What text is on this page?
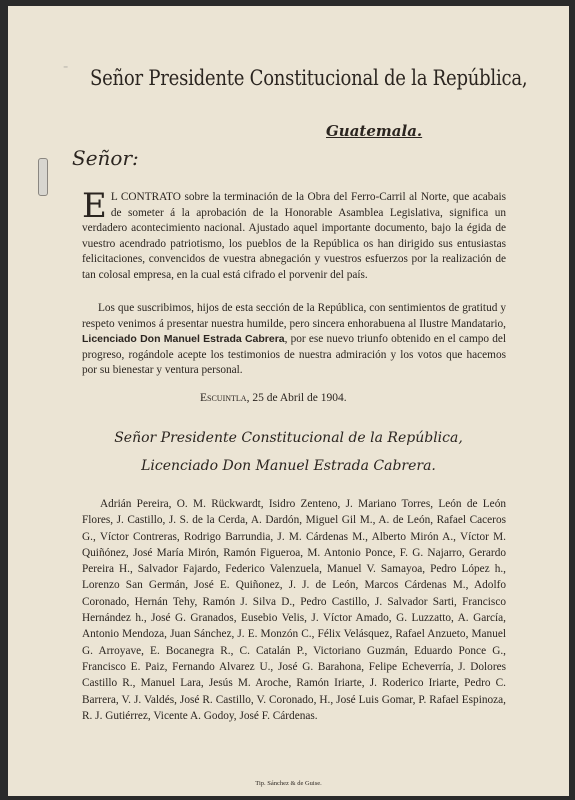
⁻ Señor Presidente Constitucional de la República,
Guatemala.
Señor:
E L CONTRATO sobre la terminación de la Obra del Ferro-Carril al Norte, que acabais de someter á la aprobación de la Honorable Asamblea Legislativa, significa un verdadero acontecimiento nacional. Ajustado aquel importante documento, bajo la égida de vuestro acendrado patriotismo, los pueblos de la República os han dirigido sus entusiastas felicitaciones, convencidos de vuestra abnegación y vuestros esfuerzos por la realización de tan colosal empresa, en la cual está cifrado el porvenir del país.
Los que suscribimos, hijos de esta sección de la República, con sentimientos de gratitud y respeto venimos á presentar nuestra humilde, pero sincera enhorabuena al Ilustre Mandatario, Licenciado Don Manuel Estrada Cabrera, por ese nuevo triunfo obtenido en el campo del progreso, rogándole acepte los testimonios de nuestra admiración y los votos que hacemos por su bienestar y ventura personal.
Escuintla, 25 de Abril de 1904.
Señor Presidente Constitucional de la República,
Licenciado Don Manuel Estrada Cabrera.
Adrián Pereira, O. M. Rückwardt, Isidro Zenteno, J. Mariano Torres, León de León Flores, J. Castillo, J. S. de la Cerda, A. Dardón, Miguel Gil M., A. de León, Rafael Caceros G., Víctor Contreras, Rodrigo Barrundia, J. M. Cárdenas M., Alberto Mirón A., Víctor M. Quiñónez, José María Mirón, Ramón Figueroa, M. Antonio Ponce, F. G. Najarro, Gerardo Pereira H., Salvador Fajardo, Federico Valenzuela, Manuel V. Samayoa, Pedro López h., Lorenzo San Germán, José E. Quiñonez, J. J. de León, Marcos Cárdenas M., Adolfo Coronado, Hernán Tehy, Ramón J. Silva D., Pedro Castillo, J. Salvador Sarti, Francisco Hernández h., José G. Granados, Eusebio Velis, J. Víctor Amado, G. Luzzatto, A. García, Antonio Mendoza, Juan Sánchez, J. E. Monzón C., Félix Velásquez, Rafael Anzueto, Manuel G. Arroyave, E. Bocanegra R., C. Catalán P., Victoriano Guzmán, Eduardo Ponce G., Francisco E. Paiz, Fernando Alvarez U., José G. Barahona, Felipe Echeverría, J. Dolores Castillo R., Manuel Lara, Jesús M. Aroche, Ramón Iriarte, J. Roderico Iriarte, Pedro C. Barrera, V. J. Valdés, José R. Castillo, V. Coronado, H., José Luis Gomar, P. Rafael Espinoza, R. J. Gutiérrez, Vicente A. Godoy, José F. Cárdenas.
Tip. Sánchez & de Guise.
